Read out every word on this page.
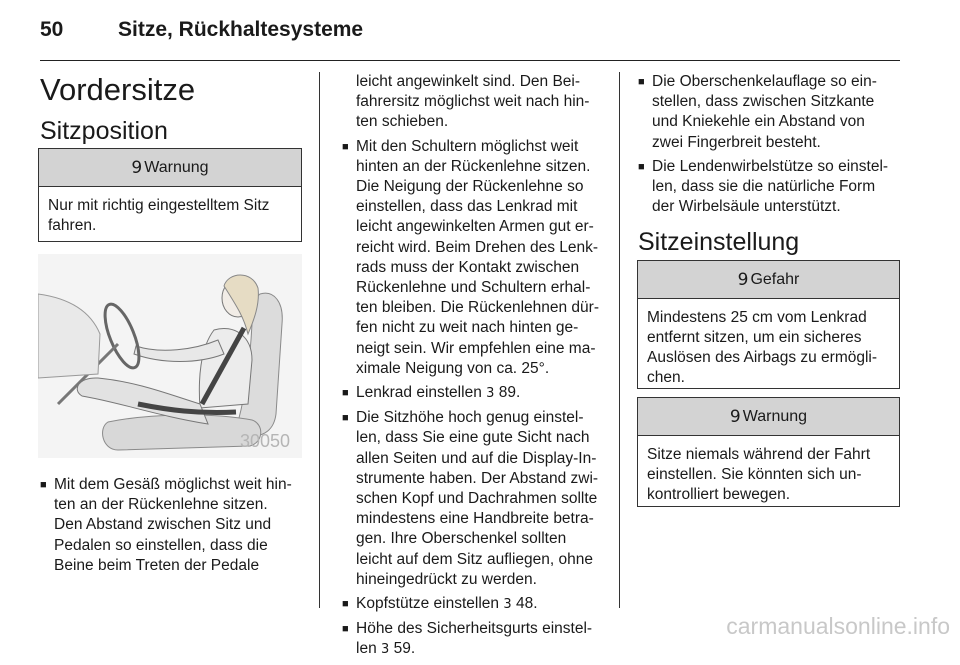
50	Sitze, Rückhaltesysteme
Vordersitze
Sitzposition
9 Warnung
Nur mit richtig eingestelltem Sitz fahren.
30050
■ Mit dem Gesäß möglichst weit hin-
ten an der Rückenlehne sitzen.
Den Abstand zwischen Sitz und
Pedalen so einstellen, dass die
Beine beim Treten der Pedale
leicht angewinkelt sind. Den Bei-
fahrersitz möglichst weit nach hin-
ten schieben.
■ Mit den Schultern möglichst weit
hinten an der Rückenlehne sitzen.
Die Neigung der Rückenlehne so
einstellen, dass das Lenkrad mit
leicht angewinkelten Armen gut er-
reicht wird. Beim Drehen des Lenk-
rads muss der Kontakt zwischen
Rückenlehne und Schultern erhal-
ten bleiben. Die Rückenlehnen dür-
fen nicht zu weit nach hinten ge-
neigt sein. Wir empfehlen eine ma-
ximale Neigung von ca. 25°.
■ Lenkrad einstellen 3 89.
■ Die Sitzhöhe hoch genug einstel-
len, dass Sie eine gute Sicht nach
allen Seiten und auf die Display-In-
strumente haben. Der Abstand zwi-
schen Kopf und Dachrahmen sollte
mindestens eine Handbreite betra-
gen. Ihre Oberschenkel sollten
leicht auf dem Sitz aufliegen, ohne
hineingedrückt zu werden.
■ Kopfstütze einstellen 3 48.
■ Höhe des Sicherheitsgurts einstel-
len 3 59.
■ Die Oberschenkelauflage so ein-
stellen, dass zwischen Sitzkante
und Kniekehle ein Abstand von
zwei Fingerbreit besteht.
■ Die Lendenwirbelstütze so einstel-
len, dass sie die natürliche Form
der Wirbelsäule unterstützt.
Sitzeinstellung
9 Gefahr
Mindestens 25 cm vom Lenkrad entfernt sitzen, um ein sicheres Auslösen des Airbags zu ermögli-chen.
9 Warnung
Sitze niemals während der Fahrt einstellen. Sie könnten sich un-kontrolliert bewegen.
carmanualsonline.info
